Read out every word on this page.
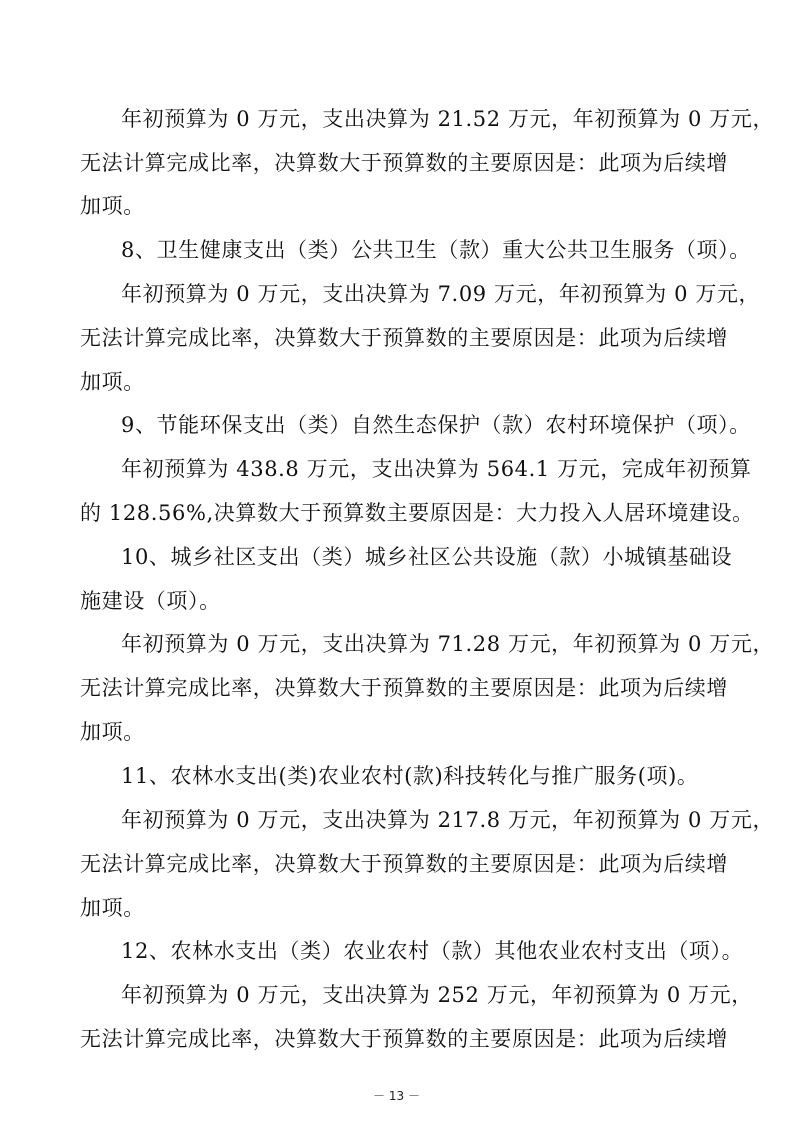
年初预算为 0 万元，支出决算为 21.52 万元，年初预算为 0 万元，
无法计算完成比率，决算数大于预算数的主要原因是：此项为后续增
加项。
8、卫生健康支出（类）公共卫生（款）重大公共卫生服务（项）。
年初预算为 0 万元，支出决算为 7.09 万元，年初预算为 0 万元，
无法计算完成比率，决算数大于预算数的主要原因是：此项为后续增
加项。
9、节能环保支出（类）自然生态保护（款）农村环境保护（项）。
年初预算为 438.8 万元，支出决算为 564.1 万元，完成年初预算
的 128.56%,决算数大于预算数主要原因是：大力投入人居环境建设。
10、城乡社区支出（类）城乡社区公共设施（款）小城镇基础设
施建设（项）。
年初预算为 0 万元，支出决算为 71.28 万元，年初预算为 0 万元，
无法计算完成比率，决算数大于预算数的主要原因是：此项为后续增
加项。
11、农林水支出(类)农业农村(款)科技转化与推广服务(项)。
年初预算为 0 万元，支出决算为 217.8 万元，年初预算为 0 万元，
无法计算完成比率，决算数大于预算数的主要原因是：此项为后续增
加项。
12、农林水支出（类）农业农村（款）其他农业农村支出（项）。
年初预算为 0 万元，支出决算为 252 万元，年初预算为 0 万元，
无法计算完成比率，决算数大于预算数的主要原因是：此项为后续增
－ 13 －
